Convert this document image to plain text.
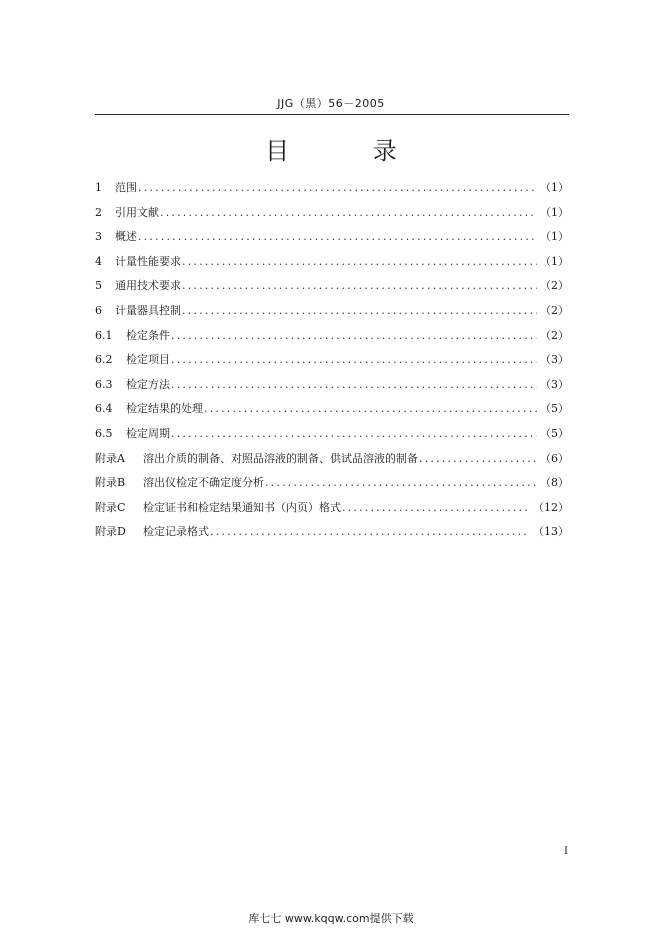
JJG（黑）56－2005
目 录
1	范围 .....	（1）
2	引用文献 .....	（1）
3	概述 .....	（1）
4	计量性能要求 .....	（1）
5	通用技术要求 .....	（2）
6	计量器具控制 .....	（2）
6.1	检定条件 .....	（2）
6.2	检定项目 .....	（3）
6.3	检定方法 .....	（3）
6.4	检定结果的处理 .....	（5）
6.5	检定周期 .....	（5）
附录A	溶出介质的制备、对照品溶液的制备、供试品溶液的制备 .....	（6）
附录B	溶出仪检定不确定度分析 .....	（8）
附录C	检定证书和检定结果通知书（内页）格式 .....	（12）
附录D	检定记录格式 .....	（13）
I
库七七 www.kqqw.com提供下载
